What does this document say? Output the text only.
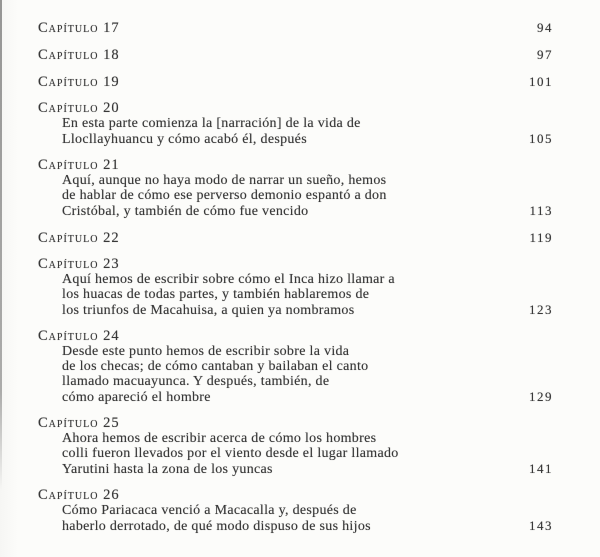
Capítulo 17	94
Capítulo 18	97
Capítulo 19	101
Capítulo 20
En esta parte comienza la [narración] de la vida de
Llocllayhuancu y cómo acabó él, después	105
Capítulo 21
Aquí, aunque no haya modo de narrar un sueño, hemos
de hablar de cómo ese perverso demonio espantó a don
Cristóbal, y también de cómo fue vencido	113
Capítulo 22	119
Capítulo 23
Aquí hemos de escribir sobre cómo el Inca hizo llamar a
los huacas de todas partes, y también hablaremos de
los triunfos de Macahuisa, a quien ya nombramos	123
Capítulo 24
Desde este punto hemos de escribir sobre la vida
de los checas; de cómo cantaban y bailaban el canto
llamado macuayunca. Y después, también, de
cómo apareció el hombre	129
Capítulo 25
Ahora hemos de escribir acerca de cómo los hombres
colli fueron llevados por el viento desde el lugar llamado
Yarutini hasta la zona de los yuncas	141
Capítulo 26
Cómo Pariacaca venció a Macacalla y, después de
haberlo derrotado, de qué modo dispuso de sus hijos	143
